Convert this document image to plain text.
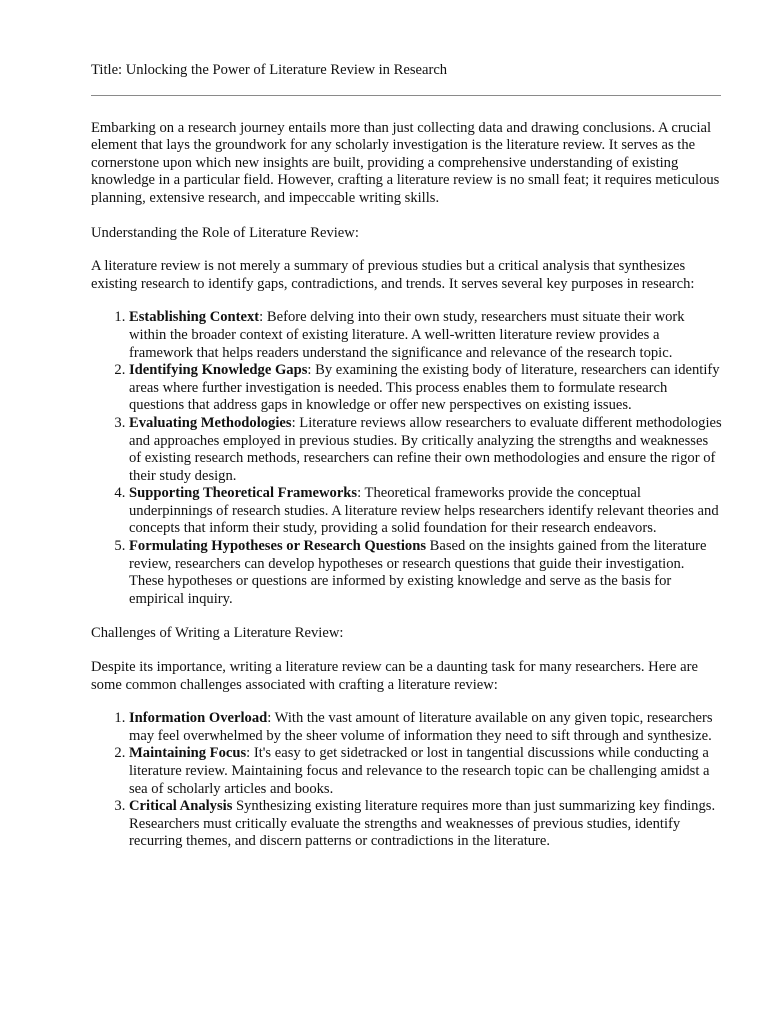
Title: Unlocking the Power of Literature Review in Research

Embarking on a research journey entails more than just collecting data and drawing conclusions. A crucial element that lays the groundwork for any scholarly investigation is the literature review. It serves as the cornerstone upon which new insights are built, providing a comprehensive understanding of existing knowledge in a particular field. However, crafting a literature review is no small feat; it requires meticulous planning, extensive research, and impeccable writing skills.

Understanding the Role of Literature Review:

A literature review is not merely a summary of previous studies but a critical analysis that synthesizes existing research to identify gaps, contradictions, and trends. It serves several key purposes in research:

1. Establishing Context: Before delving into their own study, researchers must situate their work within the broader context of existing literature. A well-written literature review provides a framework that helps readers understand the significance and relevance of the research topic.
2. Identifying Knowledge Gaps: By examining the existing body of literature, researchers can identify areas where further investigation is needed. This process enables them to formulate research questions that address gaps in knowledge or offer new perspectives on existing issues.
3. Evaluating Methodologies: Literature reviews allow researchers to evaluate different methodologies and approaches employed in previous studies. By critically analyzing the strengths and weaknesses of existing research methods, researchers can refine their own methodologies and ensure the rigor of their study design.
4. Supporting Theoretical Frameworks: Theoretical frameworks provide the conceptual underpinnings of research studies. A literature review helps researchers identify relevant theories and concepts that inform their study, providing a solid foundation for their research endeavors.
5. Formulating Hypotheses or Research Questions Based on the insights gained from the literature review, researchers can develop hypotheses or research questions that guide their investigation. These hypotheses or questions are informed by existing knowledge and serve as the basis for empirical inquiry.

Challenges of Writing a Literature Review:

Despite its importance, writing a literature review can be a daunting task for many researchers. Here are some common challenges associated with crafting a literature review:

1. Information Overload: With the vast amount of literature available on any given topic, researchers may feel overwhelmed by the sheer volume of information they need to sift through and synthesize.
2. Maintaining Focus: It's easy to get sidetracked or lost in tangential discussions while conducting a literature review. Maintaining focus and relevance to the research topic can be challenging amidst a sea of scholarly articles and books.
3. Critical Analysis Synthesizing existing literature requires more than just summarizing key findings. Researchers must critically evaluate the strengths and weaknesses of previous studies, identify recurring themes, and discern patterns or contradictions in the literature.
